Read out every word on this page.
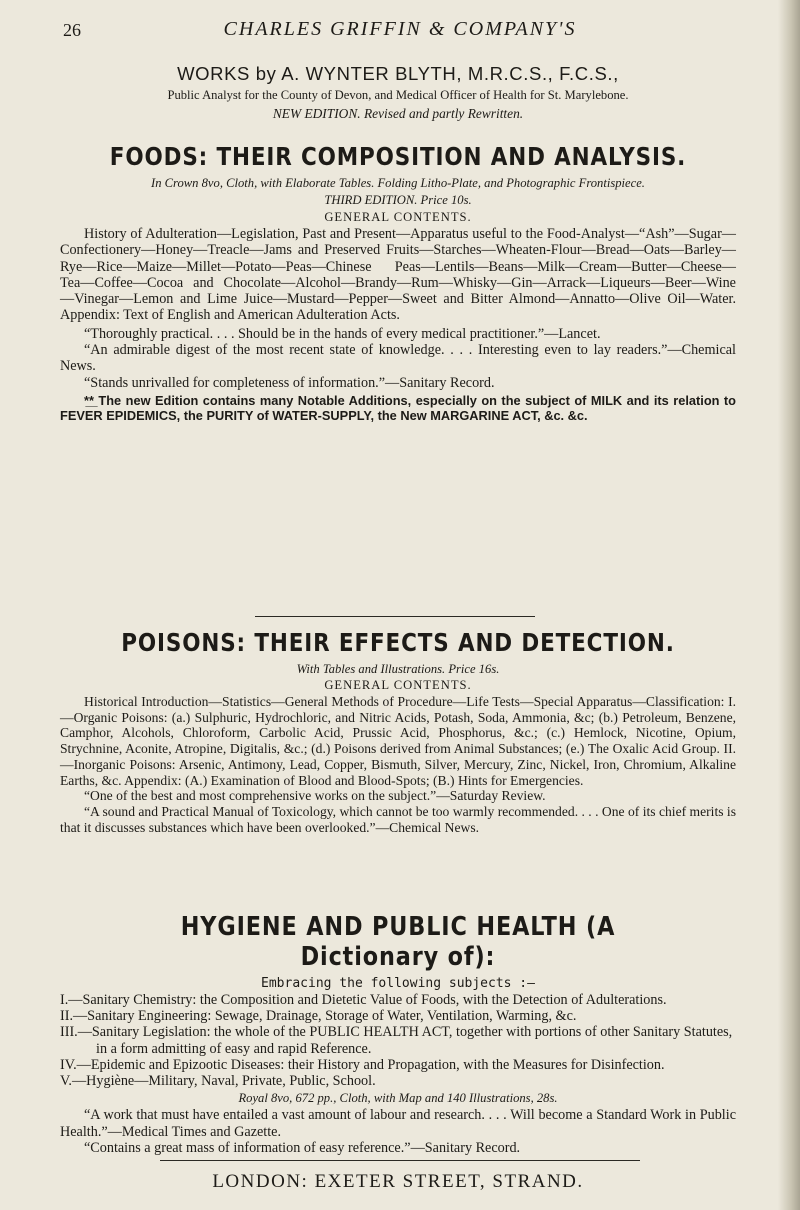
26	CHARLES GRIFFIN & COMPANY'S

WORKS by A. WYNTER BLYTH, M.R.C.S., F.C.S.,

Public Analyst for the County of Devon, and Medical Officer of Health for St. Marylebone.

NEW EDITION. Revised and partly Rewritten.

FOODS: THEIR COMPOSITION AND ANALYSIS.

In Crown 8vo, Cloth, with Elaborate Tables. Folding Litho-Plate, and Photographic Frontispiece.

THIRD EDITION. Price 10s.

GENERAL CONTENTS.

History of Adulteration—Legislation, Past and Present—Apparatus useful to the Food-Analyst—“Ash”—Sugar—Confectionery—Honey—Treacle—Jams and Preserved Fruits—Starches—Wheaten-Flour—Bread—Oats—Barley—Rye—Rice—Maize—Millet—Potato—Peas—Chinese Peas—Lentils—Beans—Milk—Cream—Butter—Cheese—Tea—Coffee—Cocoa and Chocolate—Alcohol—Brandy—Rum—Whisky—Gin—Arrack—Liqueurs—Beer—Wine—Vinegar—Lemon and Lime Juice—Mustard—Pepper—Sweet and Bitter Almond—Annatto—Olive Oil—Water. Appendix: Text of English and American Adulteration Acts.

“Thoroughly practical. . . . Should be in the hands of every medical practitioner.”—Lancet.

“An admirable digest of the most recent state of knowledge. . . . Interesting even to lay readers.”—Chemical News.

“Stands unrivalled for completeness of information.”—Sanitary Record.

*̲*̲ The new Edition contains many Notable Additions, especially on the subject of MILK and its relation to FEVER EPIDEMICS, the PURITY of WATER-SUPPLY, the New MARGARINE ACT, &c. &c.

POISONS: THEIR EFFECTS AND DETECTION.

With Tables and Illustrations. Price 16s.

GENERAL CONTENTS.

Historical Introduction—Statistics—General Methods of Procedure—Life Tests—Special Apparatus—Classification: I.—Organic Poisons: (a.) Sulphuric, Hydrochloric, and Nitric Acids, Potash, Soda, Ammonia, &c; (b.) Petroleum, Benzene, Camphor, Alcohols, Chloroform, Carbolic Acid, Prussic Acid, Phosphorus, &c.; (c.) Hemlock, Nicotine, Opium, Strychnine, Aconite, Atropine, Digitalis, &c.; (d.) Poisons derived from Animal Substances; (e.) The Oxalic Acid Group. II.—Inorganic Poisons: Arsenic, Antimony, Lead, Copper, Bismuth, Silver, Mercury, Zinc, Nickel, Iron, Chromium, Alkaline Earths, &c. Appendix: (A.) Examination of Blood and Blood-Spots; (B.) Hints for Emergencies.

“One of the best and most comprehensive works on the subject.”—Saturday Review.

“A sound and Practical Manual of Toxicology, which cannot be too warmly recommended. . . . One of its chief merits is that it discusses substances which have been overlooked.”—Chemical News.

HYGIENE AND PUBLIC HEALTH (A Dictionary of):

Embracing the following subjects :—

I.—Sanitary Chemistry: the Composition and Dietetic Value of Foods, with the Detection of Adulterations.

II.—Sanitary Engineering: Sewage, Drainage, Storage of Water, Ventilation, Warming, &c.

III.—Sanitary Legislation: the whole of the PUBLIC HEALTH ACT, together with portions of other Sanitary Statutes, in a form admitting of easy and rapid Reference.

IV.—Epidemic and Epizootic Diseases: their History and Propagation, with the Measures for Disinfection.

V.—Hygiène—Military, Naval, Private, Public, School.

Royal 8vo, 672 pp., Cloth, with Map and 140 Illustrations, 28s.

“A work that must have entailed a vast amount of labour and research. . . . Will become a Standard Work in Public Health.”—Medical Times and Gazette.

“Contains a great mass of information of easy reference.”—Sanitary Record.

LONDON: EXETER STREET, STRAND.
